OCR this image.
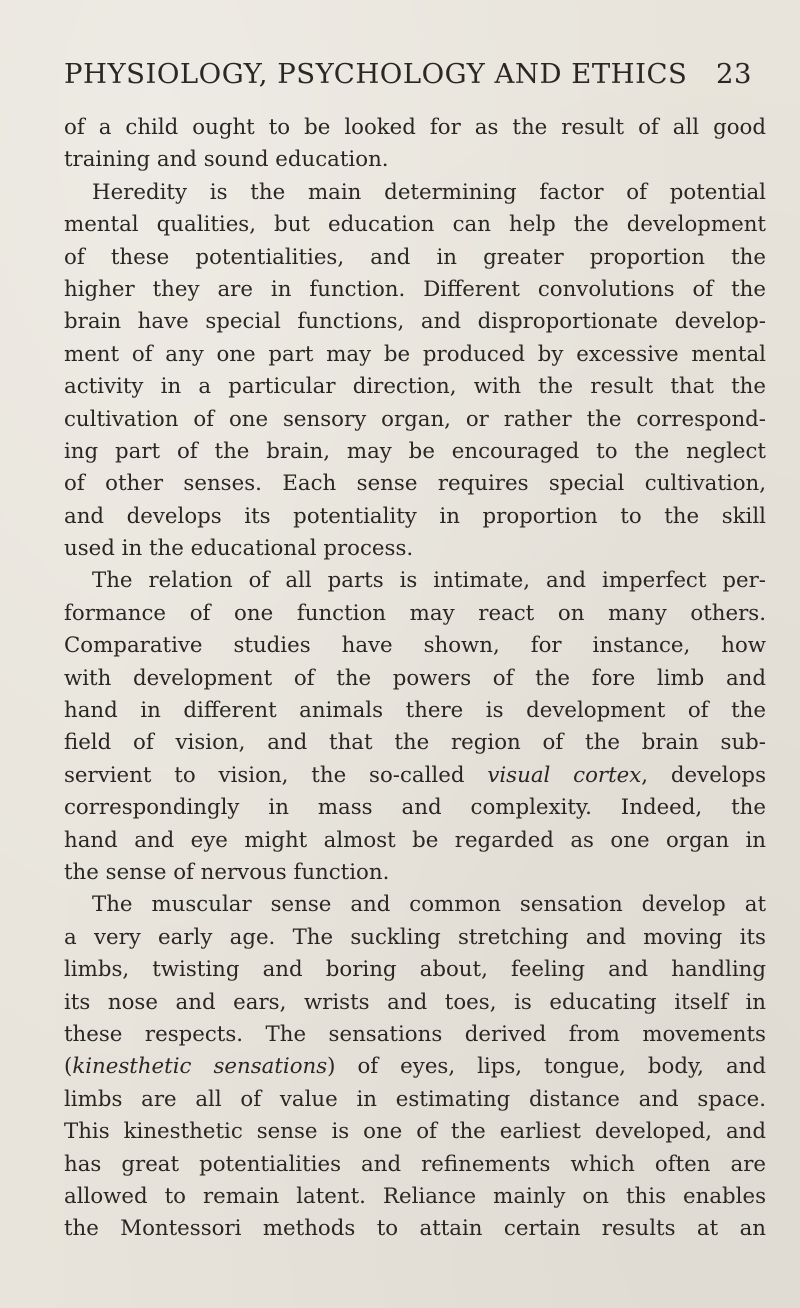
PHYSIOLOGY, PSYCHOLOGY AND ETHICS 23
of a child ought to be looked for as the result of all good
training and sound education.
Heredity is the main determining factor of potential
mental qualities, but education can help the development
of these potentialities, and in greater proportion the
higher they are in function. Different convolutions of the
brain have special functions, and disproportionate develop-
ment of any one part may be produced by excessive mental
activity in a particular direction, with the result that the
cultivation of one sensory organ, or rather the correspond-
ing part of the brain, may be encouraged to the neglect
of other senses. Each sense requires special cultivation,
and develops its potentiality in proportion to the skill
used in the educational process.
The relation of all parts is intimate, and imperfect per-
formance of one function may react on many others.
Comparative studies have shown, for instance, how
with development of the powers of the fore limb and
hand in different animals there is development of the
field of vision, and that the region of the brain sub-
servient to vision, the so-called visual cortex, develops
correspondingly in mass and complexity. Indeed, the
hand and eye might almost be regarded as one organ in
the sense of nervous function.
The muscular sense and common sensation develop at
a very early age. The suckling stretching and moving its
limbs, twisting and boring about, feeling and handling
its nose and ears, wrists and toes, is educating itself in
these respects. The sensations derived from movements
(kinesthetic sensations) of eyes, lips, tongue, body, and
limbs are all of value in estimating distance and space.
This kinesthetic sense is one of the earliest developed, and
has great potentialities and refinements which often are
allowed to remain latent. Reliance mainly on this enables
the Montessori methods to attain certain results at an
